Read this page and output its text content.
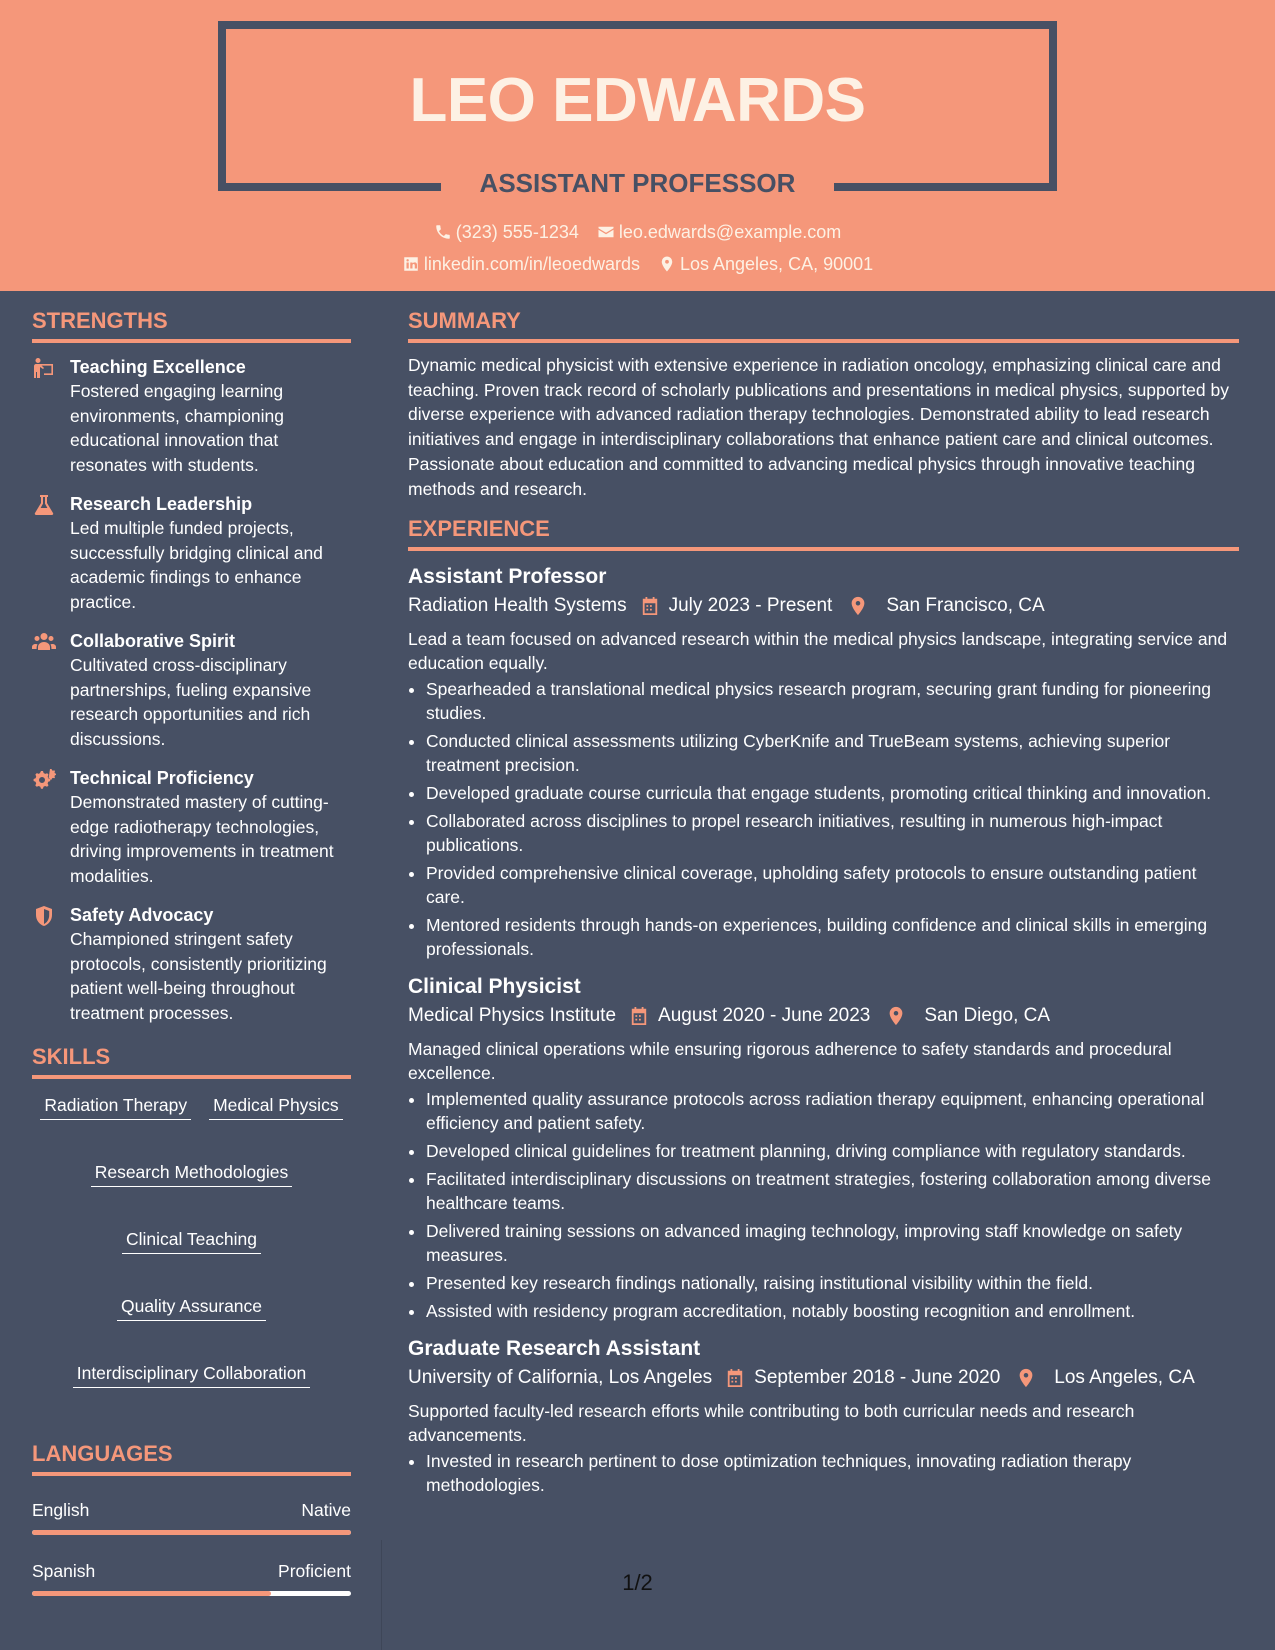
LEO EDWARDS
ASSISTANT PROFESSOR
(323) 555-1234 leo.edwards@example.com
linkedin.com/in/leoedwards Los Angeles, CA, 90001
STRENGTHS
Teaching Excellence
Fostered engaging learning environments, championing educational innovation that resonates with students.
Research Leadership
Led multiple funded projects, successfully bridging clinical and academic findings to enhance practice.
Collaborative Spirit
Cultivated cross-disciplinary partnerships, fueling expansive research opportunities and rich discussions.
Technical Proficiency
Demonstrated mastery of cutting-edge radiotherapy technologies, driving improvements in treatment modalities.
Safety Advocacy
Championed stringent safety protocols, consistently prioritizing patient well-being throughout treatment processes.
SKILLS
Radiation Therapy Medical Physics
Research Methodologies
Clinical Teaching
Quality Assurance
Interdisciplinary Collaboration
LANGUAGES
English	Native
Spanish	Proficient
SUMMARY

Dynamic medical physicist with extensive experience in radiation oncology, emphasizing clinical care and teaching. Proven track record of scholarly publications and presentations in medical physics, supported by diverse experience with advanced radiation therapy technologies. Demonstrated ability to lead research initiatives and engage in interdisciplinary collaborations that enhance patient care and clinical outcomes. Passionate about education and committed to advancing medical physics through innovative teaching methods and research.

EXPERIENCE
Assistant Professor
Radiation Health Systems July 2023 - Present	San Francisco, CA
Lead a team focused on advanced research within the medical physics landscape, integrating service and education equally.
• Spearheaded a translational medical physics research program, securing grant funding for pioneering studies.
• Conducted clinical assessments utilizing CyberKnife and TrueBeam systems, achieving superior treatment precision.
• Developed graduate course curricula that engage students, promoting critical thinking and innovation.
• Collaborated across disciplines to propel research initiatives, resulting in numerous high-impact publications.
• Provided comprehensive clinical coverage, upholding safety protocols to ensure outstanding patient care.
• Mentored residents through hands-on experiences, building confidence and clinical skills in emerging professionals.
Clinical Physicist
Medical Physics Institute August 2020 - June 2023	San Diego, CA
Managed clinical operations while ensuring rigorous adherence to safety standards and procedural excellence.
• Implemented quality assurance protocols across radiation therapy equipment, enhancing operational efficiency and patient safety.
• Developed clinical guidelines for treatment planning, driving compliance with regulatory standards.
• Facilitated interdisciplinary discussions on treatment strategies, fostering collaboration among diverse healthcare teams.
• Delivered training sessions on advanced imaging technology, improving staff knowledge on safety measures.
• Presented key research findings nationally, raising institutional visibility within the field.
• Assisted with residency program accreditation, notably boosting recognition and enrollment.
Graduate Research Assistant
University of California, Los Angeles September 2018 - June 2020	Los Angeles, CA
Supported faculty-led research efforts while contributing to both curricular needs and research advancements.
• Invested in research pertinent to dose optimization techniques, innovating radiation therapy methodologies.
1/2
